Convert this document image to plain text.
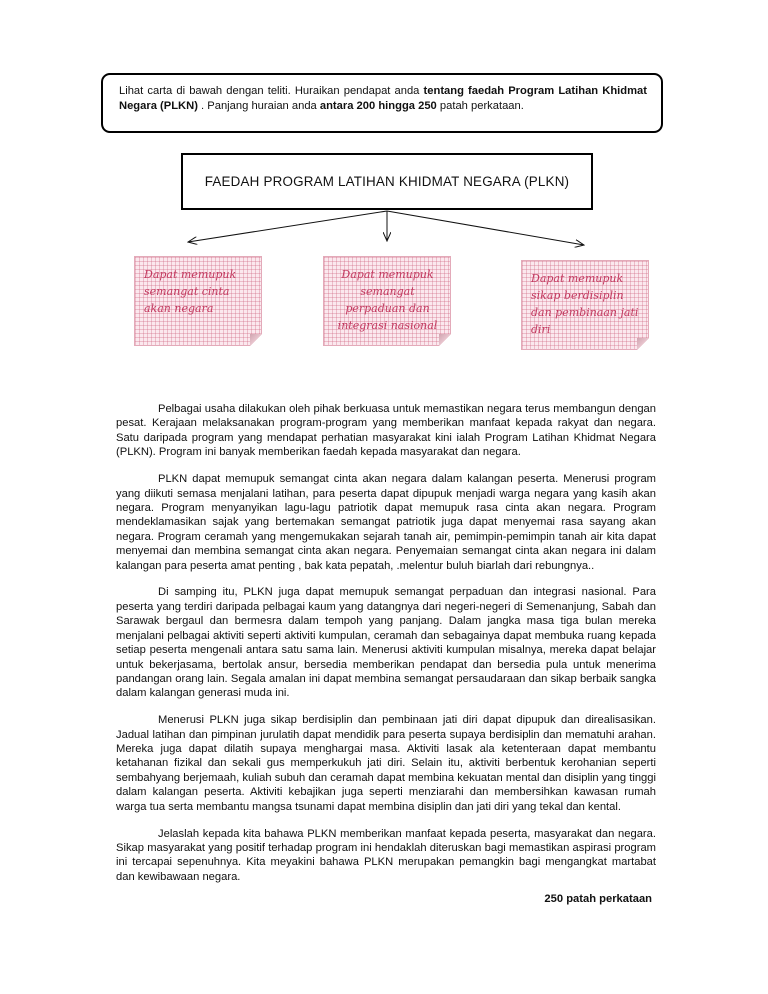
Lihat carta di bawah dengan teliti. Huraikan pendapat anda tentang faedah Program Latihan Khidmat Negara (PLKN) . Panjang huraian anda antara 200 hingga 250 patah perkataan.
FAEDAH PROGRAM LATIHAN KHIDMAT NEGARA (PLKN)
Dapat memupuk semangat cinta akan negara
Dapat memupuk semangat perpaduan dan integrasi nasional
Dapat memupuk sikap berdisiplin dan pembinaan jati diri

Pelbagai usaha dilakukan oleh pihak berkuasa untuk memastikan negara terus membangun dengan pesat. Kerajaan melaksanakan program-program yang memberikan manfaat kepada rakyat dan negara. Satu daripada program yang mendapat perhatian masyarakat kini ialah Program Latihan Khidmat Negara (PLKN). Program ini banyak memberikan faedah kepada masyarakat dan negara.

PLKN dapat memupuk semangat cinta akan negara dalam kalangan peserta. Menerusi program yang diikuti semasa menjalani latihan, para peserta dapat dipupuk menjadi warga negara yang kasih akan negara. Program menyanyikan lagu-lagu patriotik dapat memupuk rasa cinta akan negara. Program mendeklamasikan sajak yang bertemakan semangat patriotik juga dapat menyemai rasa sayang akan negara. Program ceramah yang mengemukakan sejarah tanah air, pemimpin-pemimpin tanah air kita dapat menyemai dan membina semangat cinta akan negara. Penyemaian semangat cinta akan negara ini dalam kalangan para peserta amat penting , bak kata pepatah, .melentur buluh biarlah dari rebungnya..

Di samping itu, PLKN juga dapat memupuk semangat perpaduan dan integrasi nasional. Para peserta yang terdiri daripada pelbagai kaum yang datangnya dari negeri-negeri di Semenanjung, Sabah dan Sarawak bergaul dan bermesra dalam tempoh yang panjang. Dalam jangka masa tiga bulan mereka menjalani pelbagai aktiviti seperti aktiviti kumpulan, ceramah dan sebagainya dapat membuka ruang kepada setiap peserta mengenali antara satu sama lain. Menerusi aktiviti kumpulan misalnya, mereka dapat belajar untuk bekerjasama, bertolak ansur, bersedia memberikan pendapat dan bersedia pula untuk menerima pandangan orang lain. Segala amalan ini dapat membina semangat persaudaraan dan sikap berbaik sangka dalam kalangan generasi muda ini.

Menerusi PLKN juga sikap berdisiplin dan pembinaan jati diri dapat dipupuk dan direalisasikan. Jadual latihan dan pimpinan jurulatih dapat mendidik para peserta supaya berdisiplin dan mematuhi arahan. Mereka juga dapat dilatih supaya menghargai masa. Aktiviti lasak ala ketenteraan dapat membantu ketahanan fizikal dan sekali gus memperkukuh jati diri. Selain itu, aktiviti berbentuk kerohanian seperti sembahyang berjemaah, kuliah subuh dan ceramah dapat membina kekuatan mental dan disiplin yang tinggi dalam kalangan peserta. Aktiviti kebajikan juga seperti menziarahi dan membersihkan kawasan rumah warga tua serta membantu mangsa tsunami dapat membina disiplin dan jati diri yang tekal dan kental.

Jelaslah kepada kita bahawa PLKN memberikan manfaat kepada peserta, masyarakat dan negara. Sikap masyarakat yang positif terhadap program ini hendaklah diteruskan bagi memastikan aspirasi program ini tercapai sepenuhnya. Kita meyakini bahawa PLKN merupakan pemangkin bagi mengangkat martabat dan kewibawaan negara.

250 patah perkataan
